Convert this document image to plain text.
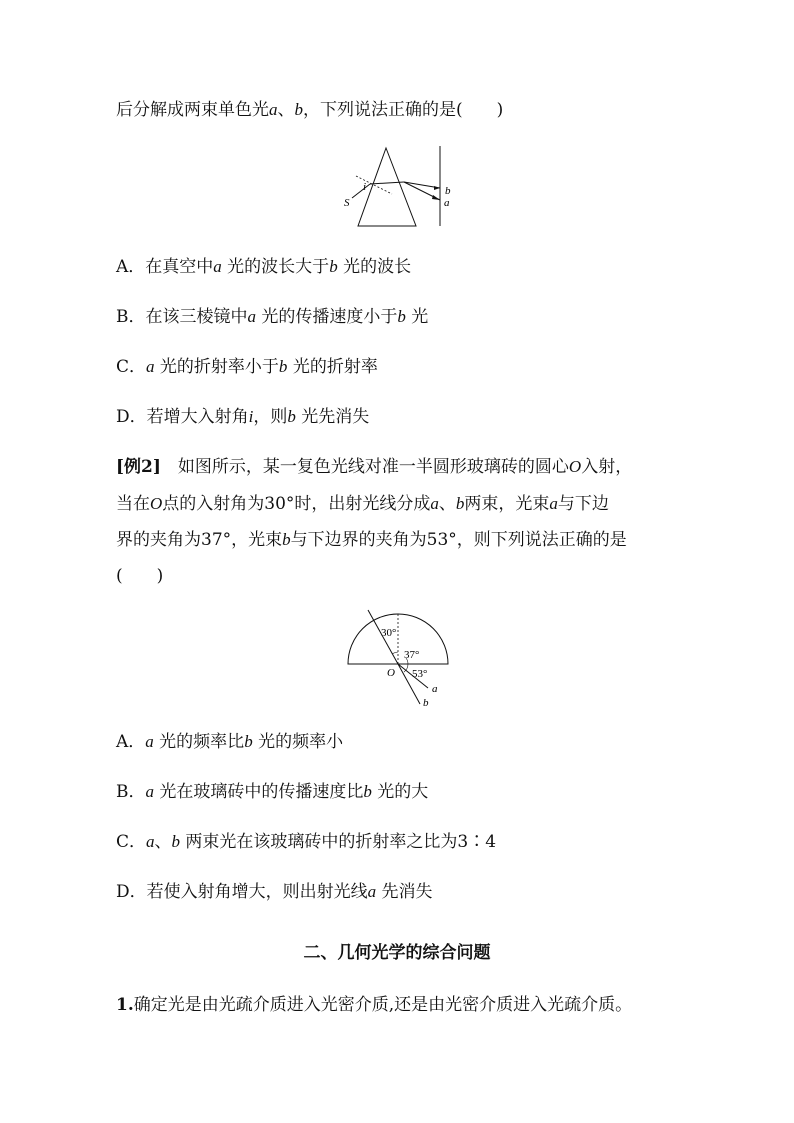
后分解成两束单色光a、b，下列说法正确的是(　　)
S
i	b
a
A．在真空中a 光的波长大于b 光的波长
B．在该三棱镜中a 光的传播速度小于b 光
C．a 光的折射率小于b 光的折射率
D．若增大入射角i，则b 光先消失
[例2]　如图所示，某一复色光线对准一半圆形玻璃砖的圆心O入射，
当在O点的入射角为30°时，出射光线分成a、b两束，光束a与下边
界的夹角为37°，光束b与下边界的夹角为53°，则下列说法正确的是
(　　)
30°
37°
53°
O
a
b
A．a 光的频率比b 光的频率小
B．a 光在玻璃砖中的传播速度比b 光的大
C．a、b 两束光在该玻璃砖中的折射率之比为3∶4
D．若使入射角增大，则出射光线a 先消失
二、几何光学的综合问题
1.确定光是由光疏介质进入光密介质,还是由光密介质进入光疏介质。
